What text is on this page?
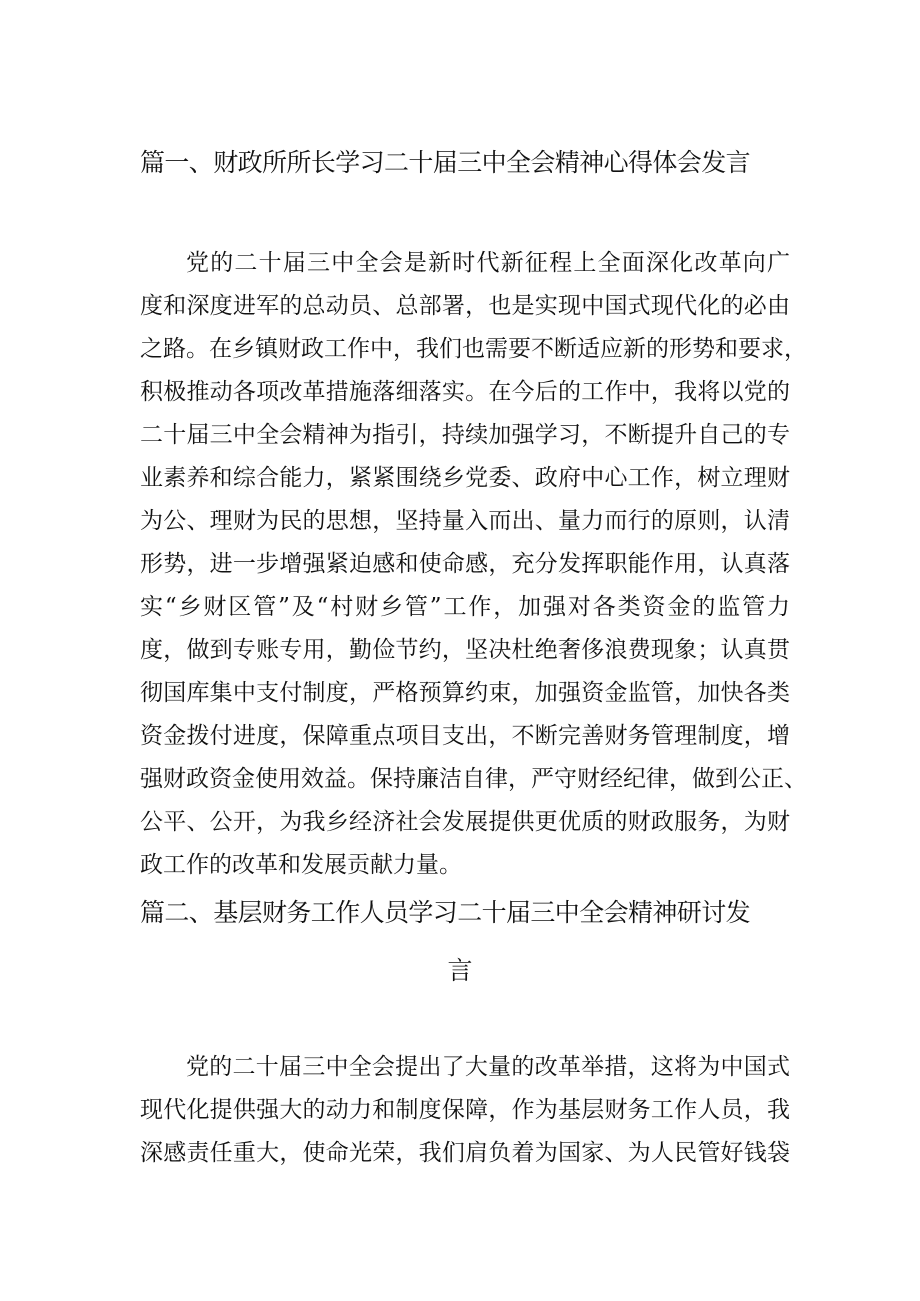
篇一、财政所所长学习二十届三中全会精神心得体会发言
党的二十届三中全会是新时代新征程上全面深化改革向广
度和深度进军的总动员、总部署，也是实现中国式现代化的必由
之路。在乡镇财政工作中，我们也需要不断适应新的形势和要求，
积极推动各项改革措施落细落实。在今后的工作中，我将以党的
二十届三中全会精神为指引，持续加强学习，不断提升自己的专
业素养和综合能力，紧紧围绕乡党委、政府中心工作，树立理财
为公、理财为民的思想，坚持量入而出、量力而行的原则，认清
形势，进一步增强紧迫感和使命感，充分发挥职能作用，认真落
实“乡财区管”及“村财乡管”工作，加强对各类资金的监管力
度，做到专账专用，勤俭节约，坚决杜绝奢侈浪费现象；认真贯
彻国库集中支付制度，严格预算约束，加强资金监管，加快各类
资金拨付进度，保障重点项目支出，不断完善财务管理制度，增
强财政资金使用效益。保持廉洁自律，严守财经纪律，做到公正、
公平、公开，为我乡经济社会发展提供更优质的财政服务，为财
政工作的改革和发展贡献力量。
篇二、基层财务工作人员学习二十届三中全会精神研讨发
言
党的二十届三中全会提出了大量的改革举措，这将为中国式
现代化提供强大的动力和制度保障，作为基层财务工作人员，我
深感责任重大，使命光荣，我们肩负着为国家、为人民管好钱袋
